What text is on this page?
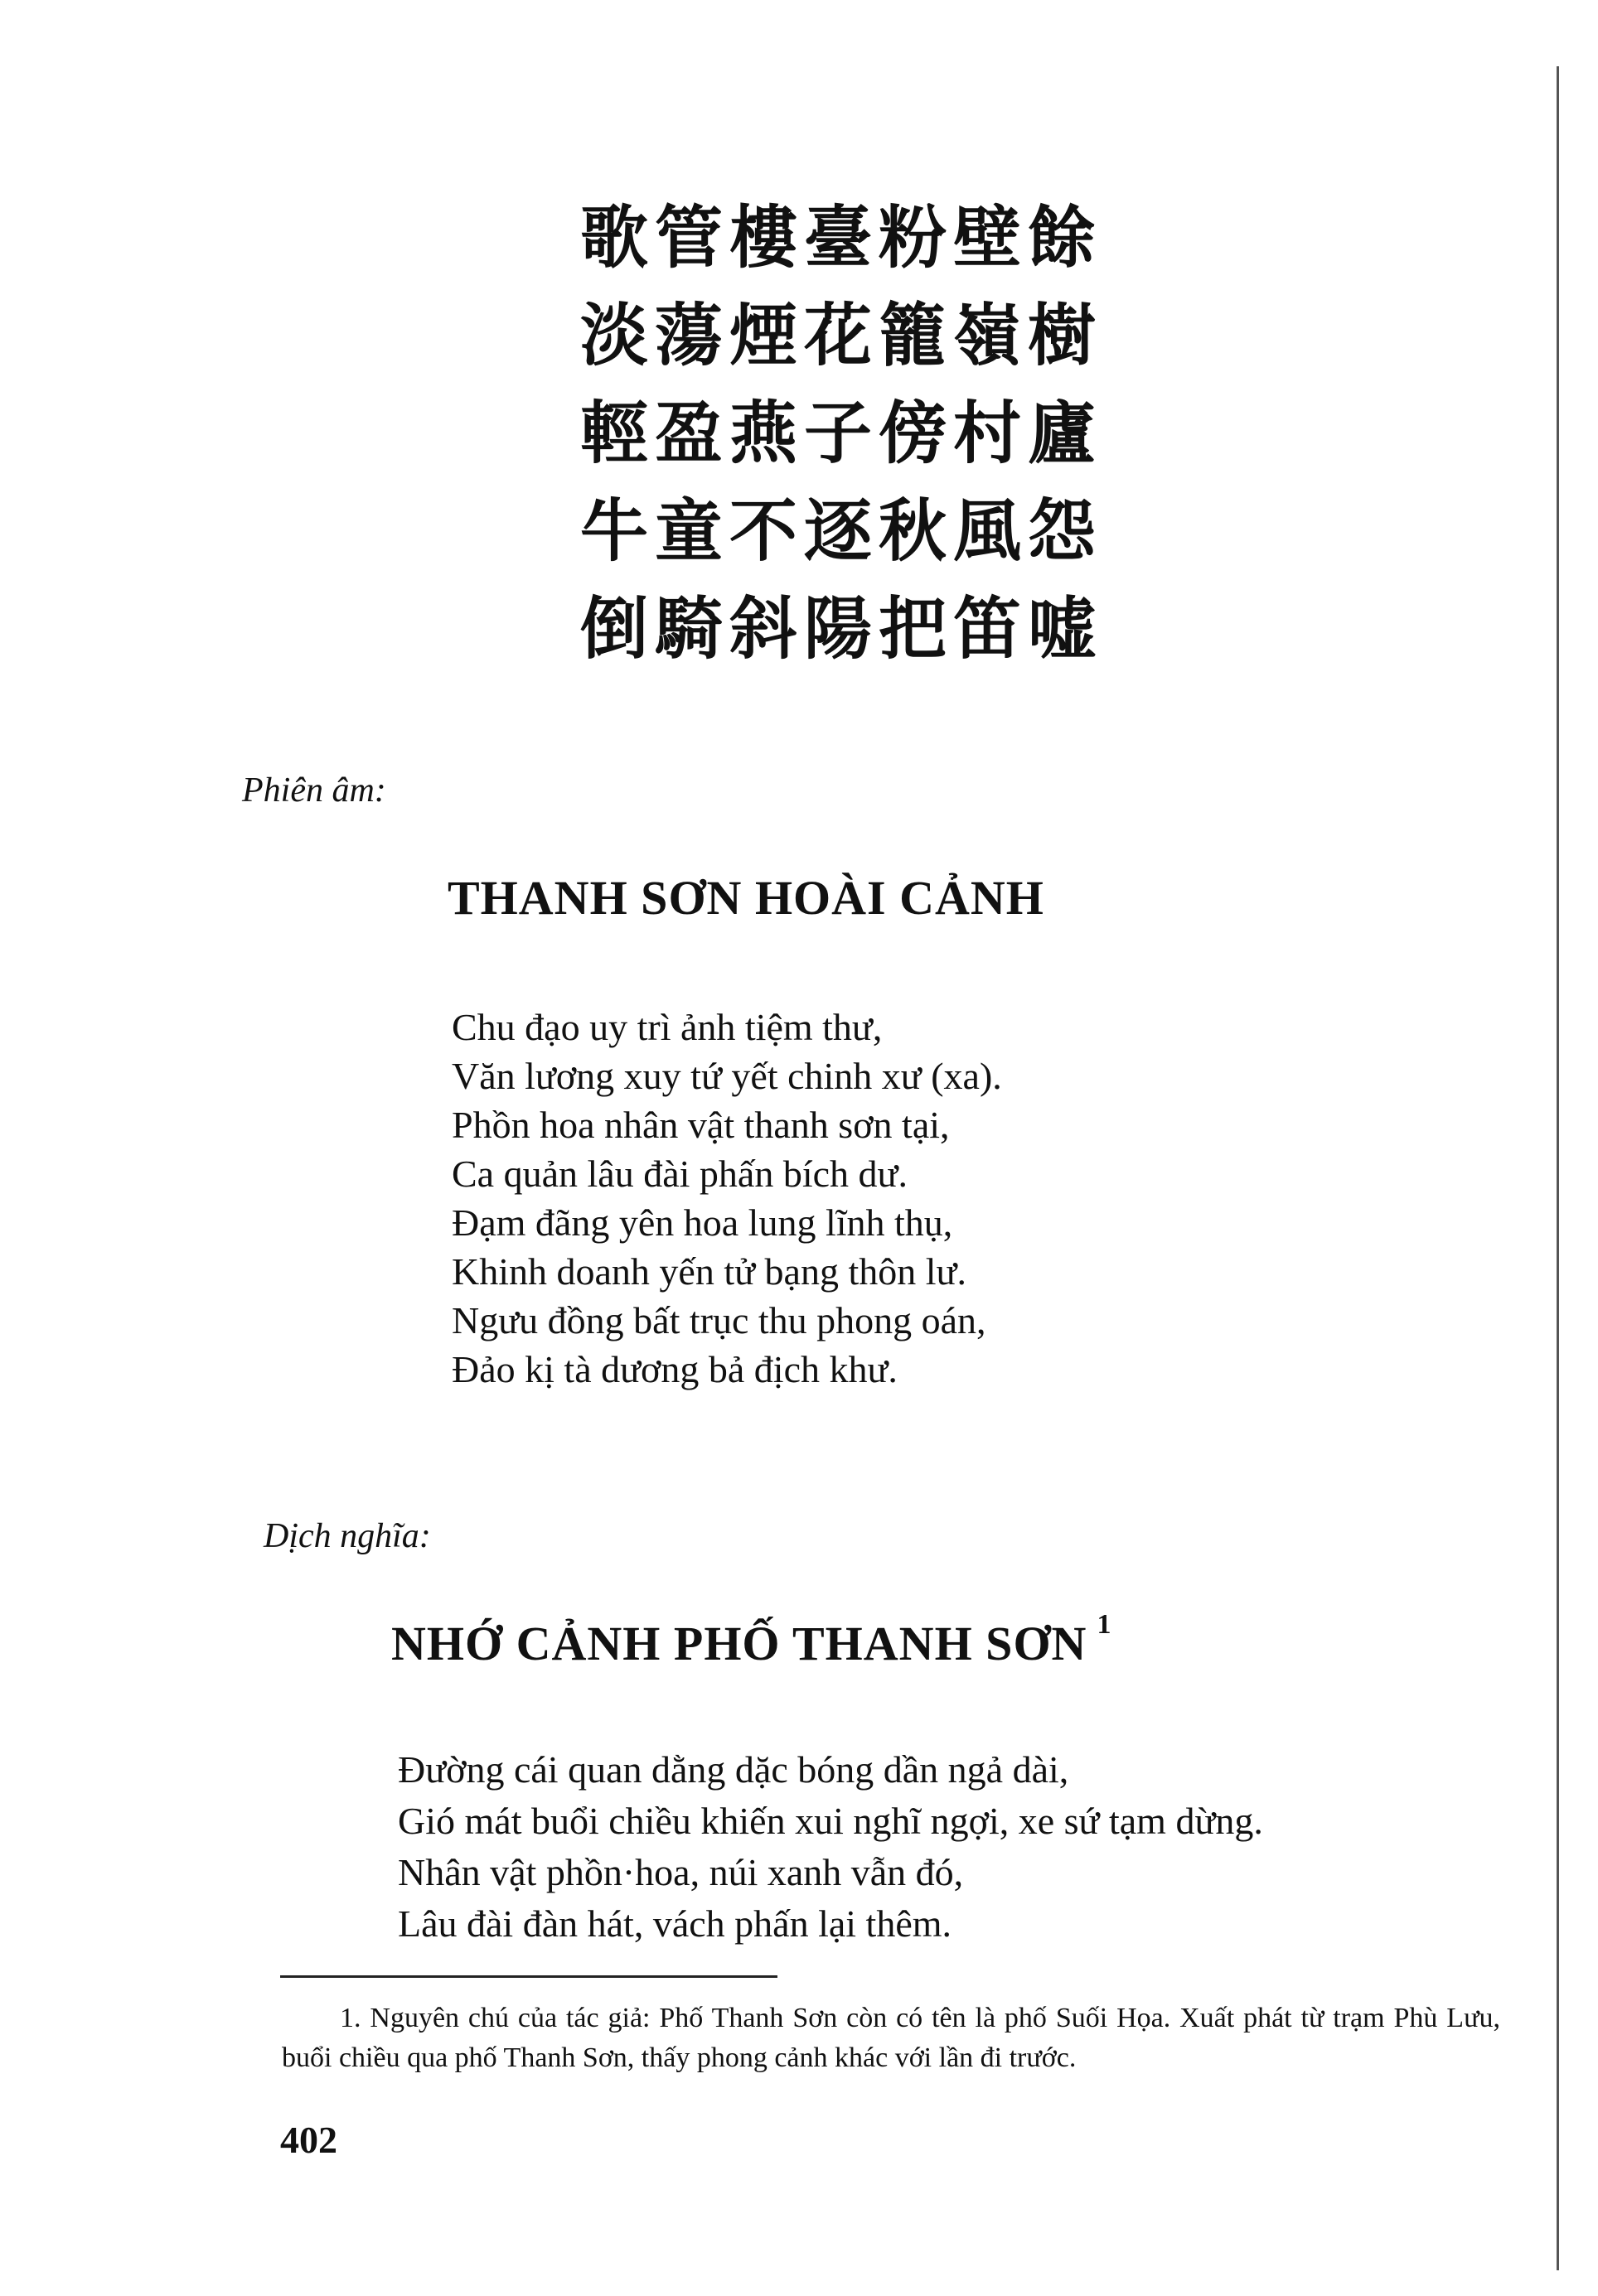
歌管樓臺粉壁餘
淡蕩煙花籠嶺樹
輕盈燕子傍村廬
牛童不逐秋風怨
倒騎斜陽把笛嘘
Phiên âm:
THANH SƠN HOÀI CẢNH
Chu đạo uy trì ảnh tiệm thư,
Văn lương xuy tứ yết chinh xư (xa).
Phồn hoa nhân vật thanh sơn tại,
Ca quản lâu đài phấn bích dư.
Đạm đãng yên hoa lung lĩnh thụ,
Khinh doanh yến tử bạng thôn lư.
Ngưu đồng bất trục thu phong oán,
Đảo kị tà dương bả địch khư.
Dịch nghĩa:
NHỚ CẢNH PHỐ THANH SƠN $^1$
Đường cái quan dằng dặc bóng dần ngả dài,
Gió mát buổi chiều khiến xui nghĩ ngợi, xe sứ tạm dừng.
Nhân vật phồn·hoa, núi xanh vẫn đó,
Lâu đài đàn hát, vách phấn lại thêm.
1. Nguyên chú của tác giả: Phố Thanh Sơn còn có tên là phố Suối Họa. Xuất phát từ trạm Phù Lưu, buổi chiều qua phố Thanh Sơn, thấy phong cảnh khác với lần đi trước.
402
